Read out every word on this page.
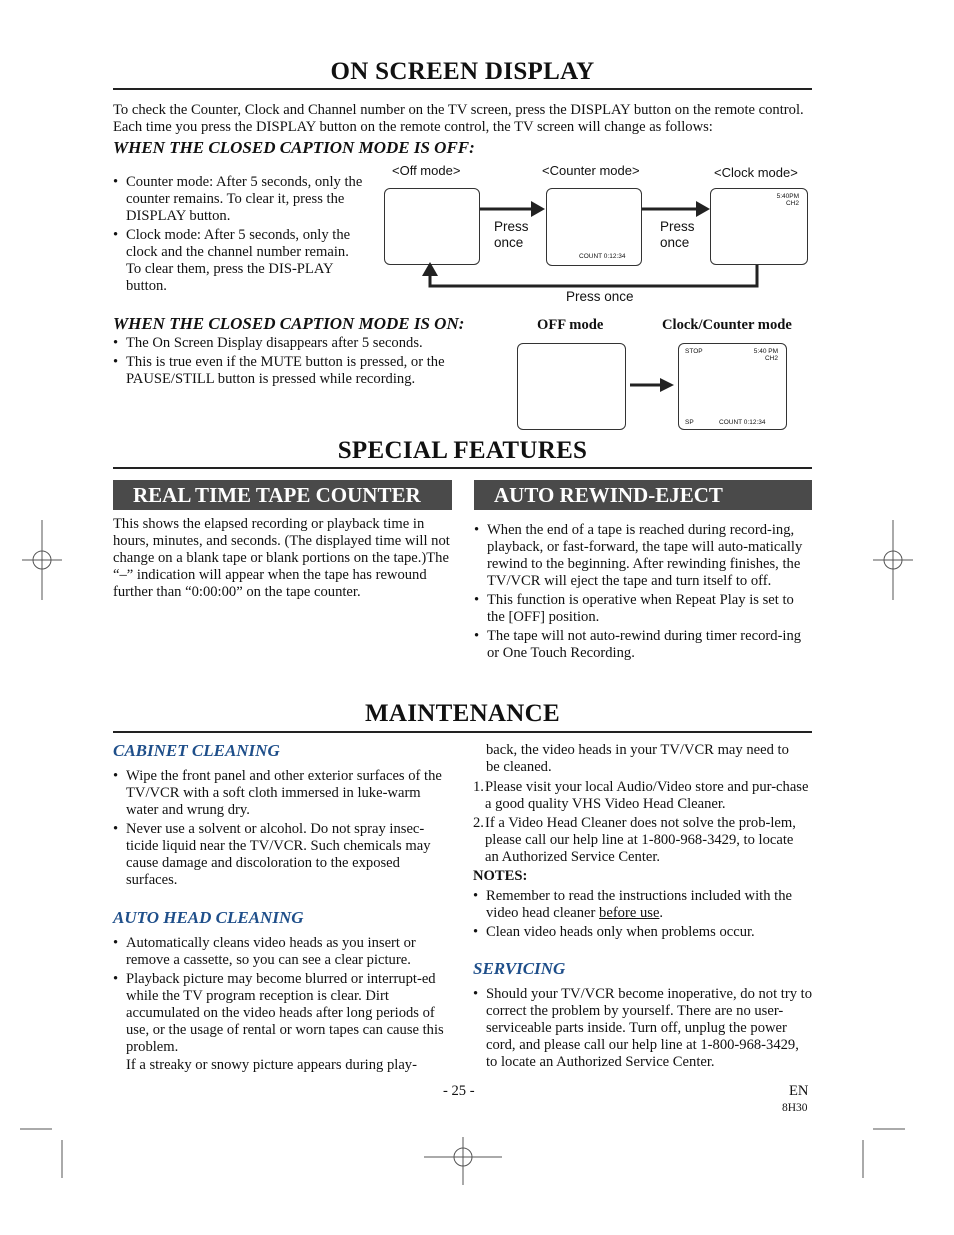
ON SCREEN DISPLAY
To check the Counter, Clock and Channel number on the TV screen, press the DISPLAY button on the remote control. Each time you press the DISPLAY button on the remote control, the TV screen will change as follows:
WHEN THE CLOSED CAPTION MODE IS OFF:
• Counter mode: After 5 seconds, only the counter remains. To clear it, press the DISPLAY button.
• Clock mode: After 5 seconds, only the clock and the channel number remain. To clear them, press the DIS-PLAY button.
<Off mode>	<Counter mode>	<Clock mode>
COUNT 0:12:34
5:40PM
CH2
Press once
Press once
Press once
WHEN THE CLOSED CAPTION MODE IS ON:
• The On Screen Display disappears after 5 seconds.
• This is true even if the MUTE button is pressed, or the PAUSE/STILL button is pressed while recording.
OFF mode	Clock/Counter mode
STOP	5:40 PM
CH2
SP	COUNT 0:12:34
SPECIAL FEATURES
REAL TIME TAPE COUNTER	AUTO REWIND-EJECT
This shows the elapsed recording or playback time in hours, minutes, and seconds. (The displayed time will not change on a blank tape or blank portions on the tape.)The “–” indication will appear when the tape has rewound further than “0:00:00” on the tape counter.
• When the end of a tape is reached during record-ing, playback, or fast-forward, the tape will auto-matically rewind to the beginning. After rewinding finishes, the TV/VCR will eject the tape and turn itself to off.
• This function is operative when Repeat Play is set to the [OFF] position.
• The tape will not auto-rewind during timer record-ing or One Touch Recording.
MAINTENANCE
CABINET CLEANING
• Wipe the front panel and other exterior surfaces of the TV/VCR with a soft cloth immersed in luke-warm water and wrung dry.
• Never use a solvent or alcohol. Do not spray insec-ticide liquid near the TV/VCR. Such chemicals may cause damage and discoloration to the exposed surfaces.
AUTO HEAD CLEANING
• Automatically cleans video heads as you insert or remove a cassette, so you can see a clear picture.
• Playback picture may become blurred or interrupt-ed while the TV program reception is clear. Dirt accumulated on the video heads after long periods of use, or the usage of rental or worn tapes can cause this problem.
If a streaky or snowy picture appears during play-
back, the video heads in your TV/VCR may need to be cleaned.
1. Please visit your local Audio/Video store and pur-chase a good quality VHS Video Head Cleaner.
2. If a Video Head Cleaner does not solve the prob-lem, please call our help line at 1-800-968-3429, to locate an Authorized Service Center.
NOTES:
• Remember to read the instructions included with the video head cleaner before use.
• Clean video heads only when problems occur.
SERVICING
• Should your TV/VCR become inoperative, do not try to correct the problem by yourself. There are no user-serviceable parts inside. Turn off, unplug the power cord, and please call our help line at 1-800-968-3429, to locate an Authorized Service Center.
- 25 -	EN
8H30
